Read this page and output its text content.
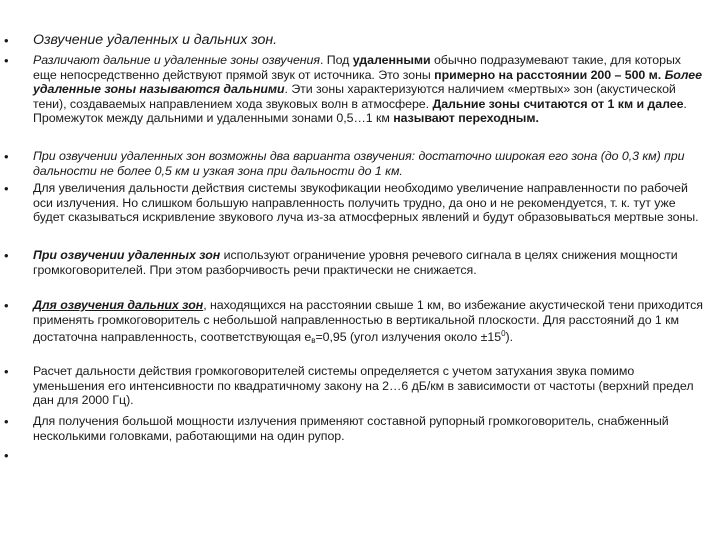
• Озвучение удаленных и дальних зон.
• Различают дальние и удаленные зоны озвучения. Под удаленными обычно подразумевают такие, для которых еще непосредственно действуют прямой звук от источника. Это зоны примерно на расстоянии 200 – 500 м. Более удаленные зоны называются дальними. Эти зоны характеризуются наличием «мертвых» зон (акустической тени), создаваемых направлением хода звуковых волн в атмосфере. Дальние зоны считаются от 1 км и далее. Промежуток между дальними и удаленными зонами 0,5…1 км называют переходным.
• При озвучении удаленных зон возможны два варианта озвучения: достаточно широкая его зона (до 0,3 км) при дальности не более 0,5 км и узкая зона при дальности до 1 км.
• Для увеличения дальности действия системы звукофикации необходимо увеличение направленности по рабочей оси излучения. Но слишком большую направленность получить трудно, да оно и не рекомендуется, т. к. тут уже будет сказываться искривление звукового луча из-за атмосферных явлений и будут образовываться мертвые зоны.
• При озвучении удаленных зон используют ограничение уровня речевого сигнала в целях снижения мощности громкоговорителей. При этом разборчивость речи практически не снижается.
• Для озвучения дальних зон, находящихся на расстоянии свыше 1 км, во избежание акустической тени приходится применять громкоговоритель с небольшой направленностью в вертикальной плоскости. Для расстояний до 1 км достаточна направленность, соответствующая $е_в=0,95$ (угол излучения около $\pm 15^0$).
• Расчет дальности действия громкоговорителей системы определяется с учетом затухания звука помимо уменьшения его интенсивности по квадратичному закону на 2…6 дБ/км в зависимости от частоты (верхний предел дан для 2000 Гц).
• Для получения большой мощности излучения применяют составной рупорный громкоговоритель, снабженный несколькими головками, работающими на один рупор.
•
